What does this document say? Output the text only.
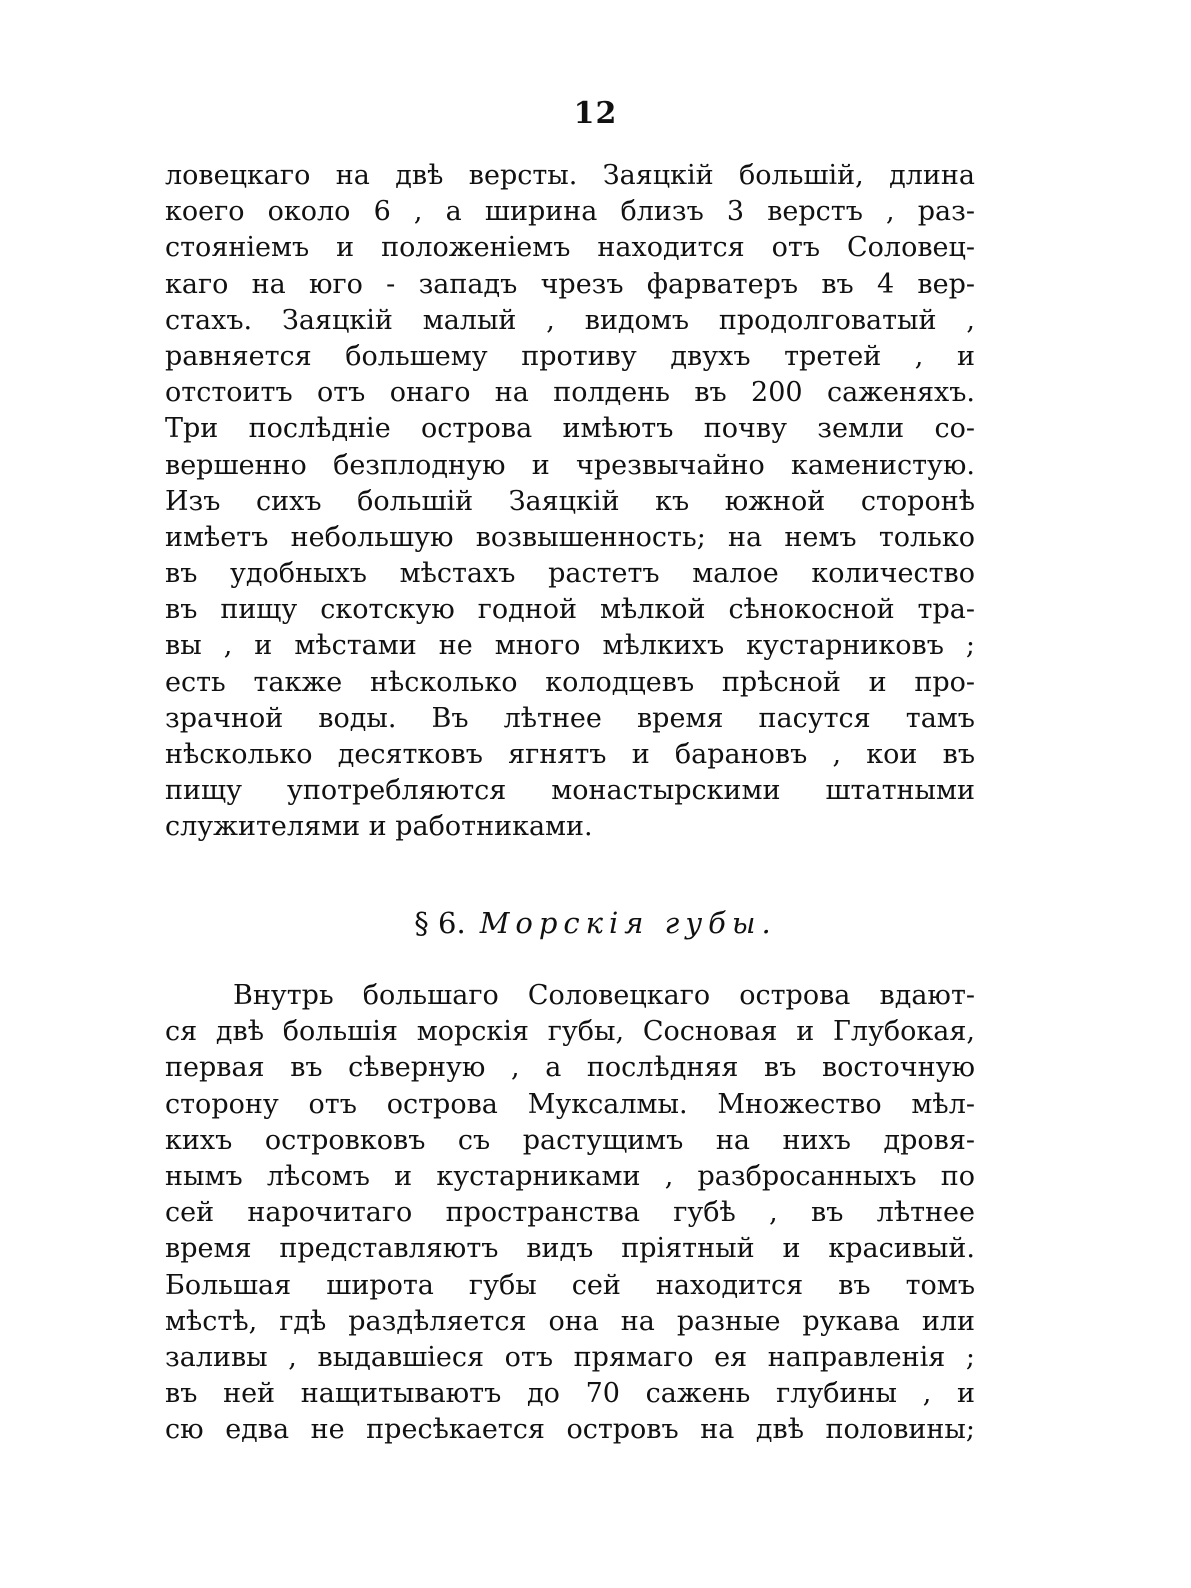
12
ловецкаго на двѣ версты. Заяцкій большій, длина
коего около 6 , а ширина близъ 3 верстъ , раз-
стояніемъ и положеніемъ находится отъ Соловец-
каго на юго - западъ чрезъ фарватеръ въ 4 вер-
стахъ. Заяцкій малый , видомъ продолговатый ,
равняется большему противу двухъ третей , и
отстоитъ отъ онаго на полдень въ 200 саженяхъ.
Три послѣдніе острова имѣютъ почву земли со-
вершенно безплодную и чрезвычайно каменистую.
Изъ сихъ большій Заяцкій къ южной сторонѣ
имѣетъ небольшую возвышенность; на немъ только
въ удобныхъ мѣстахъ растетъ малое количество
въ пищу скотскую годной мѣлкой сѣнокосной тра-
вы , и мѣстами не много мѣлкихъ кустарниковъ ;
есть также нѣсколько колодцевъ прѣсной и про-
зрачной воды. Въ лѣтнее время пасутся тамъ
нѣсколько десятковъ ягнятъ и барановъ , кои въ
пищу употребляются монастырскими штатными
служителями и работниками.
§ 6. Морскія губы.
Внутрь большаго Соловецкаго острова вдают-
ся двѣ большія морскія губы, Сосновая и Глубокая,
первая въ сѣверную , а послѣдняя въ восточную
сторону отъ острова Муксалмы. Множество мѣл-
кихъ островковъ съ растущимъ на нихъ дровя-
нымъ лѣсомъ и кустарниками , разбросанныхъ по
сей нарочитаго пространства губѣ , въ лѣтнее
время представляютъ видъ пріятный и красивый.
Большая широта губы сей находится въ томъ
мѣстѣ, гдѣ раздѣляется она на разные рукава или
заливы , выдавшіеся отъ прямаго ея направленія ;
въ ней нащитываютъ до 70 сажень глубины , и
сю едва не пресѣкается островъ на двѣ половины;
